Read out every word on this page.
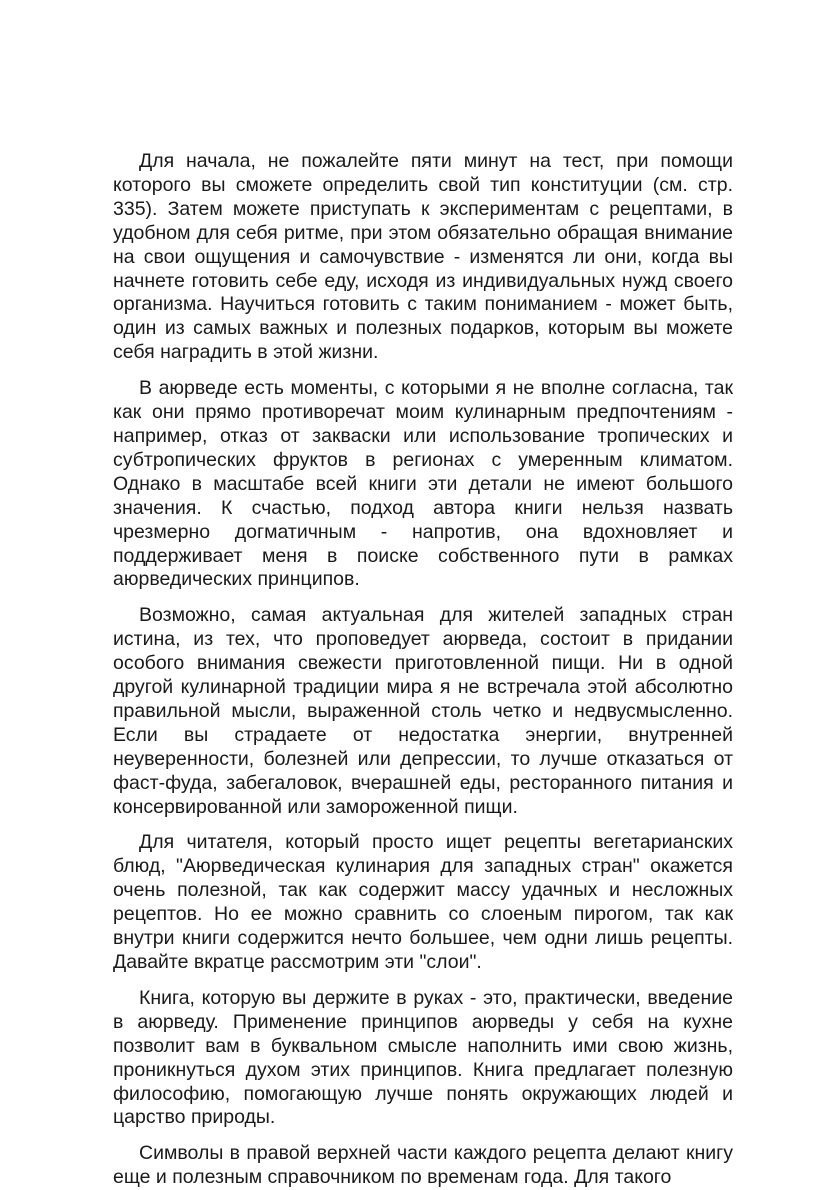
Для начала, не пожалейте пяти минут на тест, при помощи которого вы сможете определить свой тип конституции (см. стр. 335). Затем можете приступать к экспериментам с рецептами, в удобном для себя ритме, при этом обязательно обращая внимание на свои ощущения и самочувствие - изменятся ли они, когда вы начнете готовить себе еду, исходя из индивидуальных нужд своего организма. Научиться готовить с таким пониманием - может быть, один из самых важных и полезных подарков, которым вы можете себя наградить в этой жизни.

В аюрведе есть моменты, с которыми я не вполне согласна, так как они прямо противоречат моим кулинарным предпочтениям - например, отказ от закваски или использование тропических и субтропических фруктов в регионах с умеренным климатом. Однако в масштабе всей книги эти детали не имеют большого значения. К счастью, подход автора книги нельзя назвать чрезмерно догматичным - напротив, она вдохновляет и поддерживает меня в поиске собственного пути в рамках аюрведических принципов.

Возможно, самая актуальная для жителей западных стран истина, из тех, что проповедует аюрведа, состоит в придании особого внимания свежести приготовленной пищи. Ни в одной другой кулинарной традиции мира я не встречала этой абсолютно правильной мысли, выраженной столь четко и недвусмысленно. Если вы страдаете от недостатка энергии, внутренней неуверенности, болезней или депрессии, то лучше отказаться от фаст-фуда, забегаловок, вчерашней еды, ресторанного питания и консервированной или замороженной пищи.

Для читателя, который просто ищет рецепты вегетарианских блюд, "Аюрведическая кулинария для западных стран" окажется очень полезной, так как содержит массу удачных и несложных рецептов. Но ее можно сравнить со слоеным пирогом, так как внутри книги содержится нечто большее, чем одни лишь рецепты. Давайте вкратце рассмотрим эти "слои".

Книга, которую вы держите в руках - это, практически, введение в аюрведу. Применение принципов аюрведы у себя на кухне позволит вам в буквальном смысле наполнить ими свою жизнь, проникнуться духом этих принципов. Книга предлагает полезную философию, помогающую лучше понять окружающих людей и царство природы.

Символы в правой верхней части каждого рецепта делают книгу еще и полезным справочником по временам года. Для такого
